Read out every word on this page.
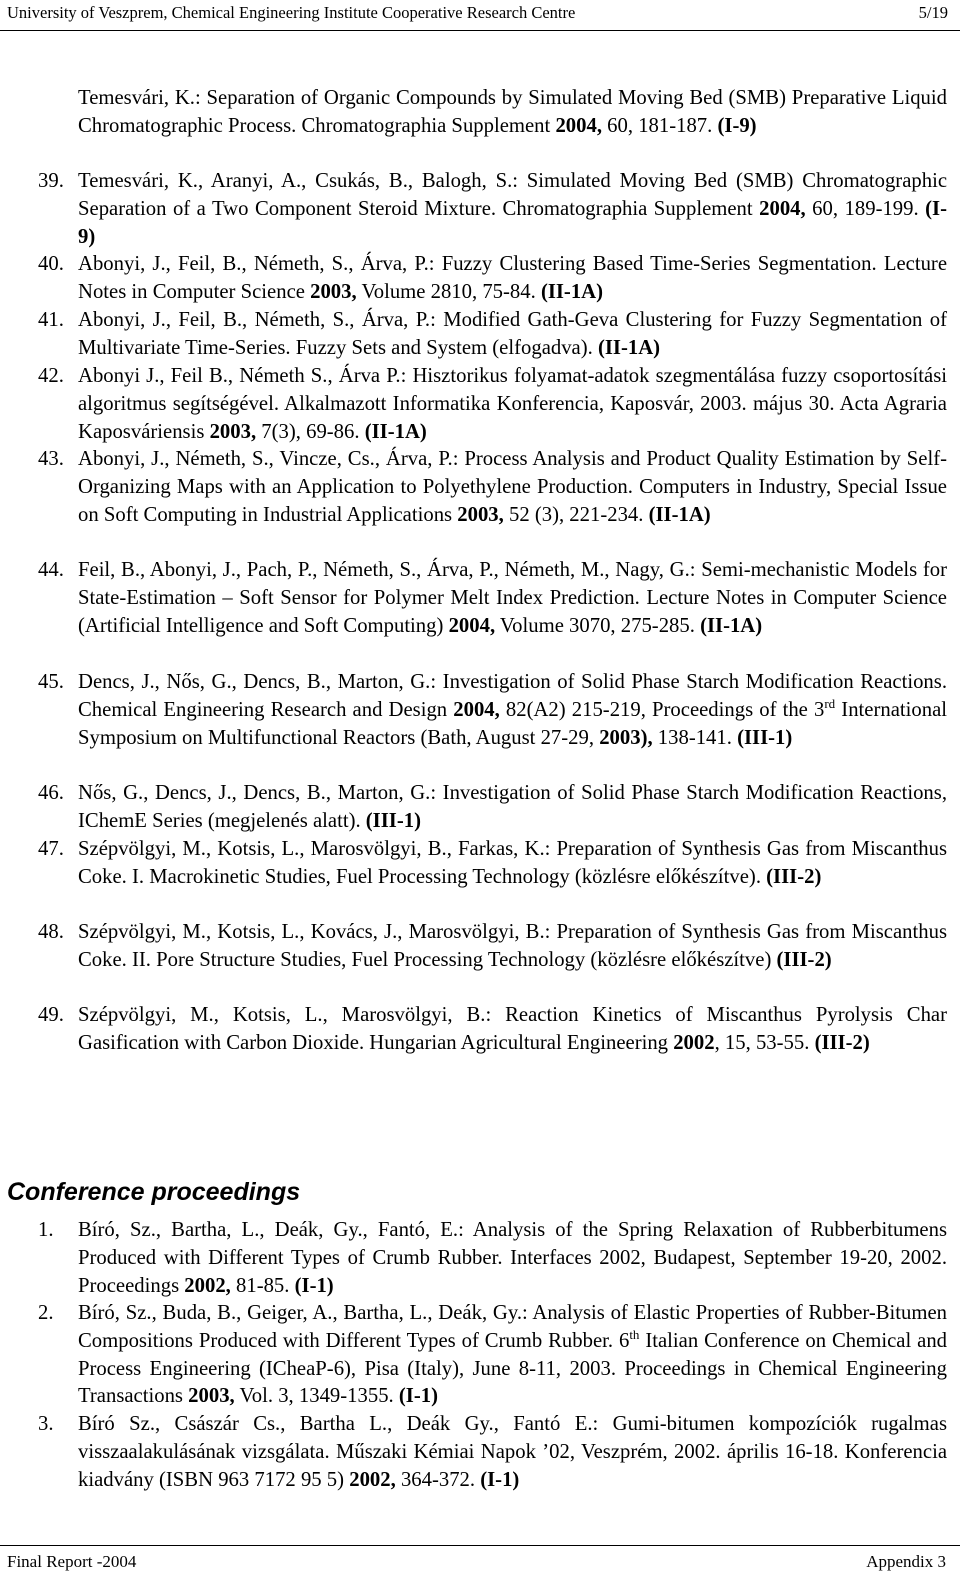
University of Veszprem, Chemical Engineering Institute Cooperative Research Centre	5/19

Temesvári, K.: Separation of Organic Compounds by Simulated Moving Bed (SMB) Preparative Liquid Chromatographic Process. Chromatographia Supplement 2004, 60, 181-187. (I-9)

39. Temesvári, K., Aranyi, A., Csukás, B., Balogh, S.: Simulated Moving Bed (SMB) Chromatographic Separation of a Two Component Steroid Mixture. Chromatographia Supplement 2004, 60, 189-199. (I-9)

40. Abonyi, J., Feil, B., Németh, S., Árva, P.: Fuzzy Clustering Based Time-Series Segmentation. Lecture Notes in Computer Science 2003, Volume 2810, 75-84. (II-1A)

41. Abonyi, J., Feil, B., Németh, S., Árva, P.: Modified Gath-Geva Clustering for Fuzzy Segmentation of Multivariate Time-Series. Fuzzy Sets and System (elfogadva). (II-1A)

42. Abonyi J., Feil B., Németh S., Árva P.: Hisztorikus folyamat-adatok szegmentálása fuzzy csoportosítási algoritmus segítségével. Alkalmazott Informatika Konferencia, Kaposvár, 2003. május 30. Acta Agraria Kaposváriensis 2003, 7(3), 69-86. (II-1A)

43. Abonyi, J., Németh, S., Vincze, Cs., Árva, P.: Process Analysis and Product Quality Estimation by Self-Organizing Maps with an Application to Polyethylene Production. Computers in Industry, Special Issue on Soft Computing in Industrial Applications 2003, 52 (3), 221-234. (II-1A)

44. Feil, B., Abonyi, J., Pach, P., Németh, S., Árva, P., Németh, M., Nagy, G.: Semi-mechanistic Models for State-Estimation – Soft Sensor for Polymer Melt Index Prediction. Lecture Notes in Computer Science (Artificial Intelligence and Soft Computing) 2004, Volume 3070, 275-285. (II-1A)

45. Dencs, J., Nős, G., Dencs, B., Marton, G.: Investigation of Solid Phase Starch Modification Reactions. Chemical Engineering Research and Design 2004, 82(A2) 215-219, Proceedings of the 3rd International Symposium on Multifunctional Reactors (Bath, August 27-29, 2003), 138-141. (III-1)

46. Nős, G., Dencs, J., Dencs, B., Marton, G.: Investigation of Solid Phase Starch Modification Reactions, IChemE Series (megjelenés alatt). (III-1)

47. Szépvölgyi, M., Kotsis, L., Marosvölgyi, B., Farkas, K.: Preparation of Synthesis Gas from Miscanthus Coke. I. Macrokinetic Studies, Fuel Processing Technology (közlésre előkészítve). (III-2)

48. Szépvölgyi, M., Kotsis, L., Kovács, J., Marosvölgyi, B.: Preparation of Synthesis Gas from Miscanthus Coke. II. Pore Structure Studies, Fuel Processing Technology (közlésre előkészítve) (III-2)

49. Szépvölgyi, M., Kotsis, L., Marosvölgyi, B.: Reaction Kinetics of Miscanthus Pyrolysis Char Gasification with Carbon Dioxide. Hungarian Agricultural Engineering 2002, 15, 53-55. (III-2)

Conference proceedings
1.	Bíró, Sz., Bartha, L., Deák, Gy., Fantó, E.: Analysis of the Spring Relaxation of Rubberbitumens Produced with Different Types of Crumb Rubber. Interfaces 2002, Budapest, September 19-20, 2002. Proceedings 2002, 81-85. (I-1)

2.	Bíró, Sz., Buda, B., Geiger, A., Bartha, L., Deák, Gy.: Analysis of Elastic Properties of Rubber-Bitumen Compositions Produced with Different Types of Crumb Rubber. 6th Italian Conference on Chemical and Process Engineering (ICheaP-6), Pisa (Italy), June 8-11, 2003. Proceedings in Chemical Engineering Transactions 2003, Vol. 3, 1349-1355. (I-1)

3.	Bíró Sz., Császár Cs., Bartha L., Deák Gy., Fantó E.: Gumi-bitumen kompozíciók rugalmas visszaalakulásának vizsgálata. Műszaki Kémiai Napok ’02, Veszprém, 2002. április 16-18. Konferencia kiadvány (ISBN 963 7172 95 5) 2002, 364-372. (I-1)

Final Report -2004	Appendix 3
